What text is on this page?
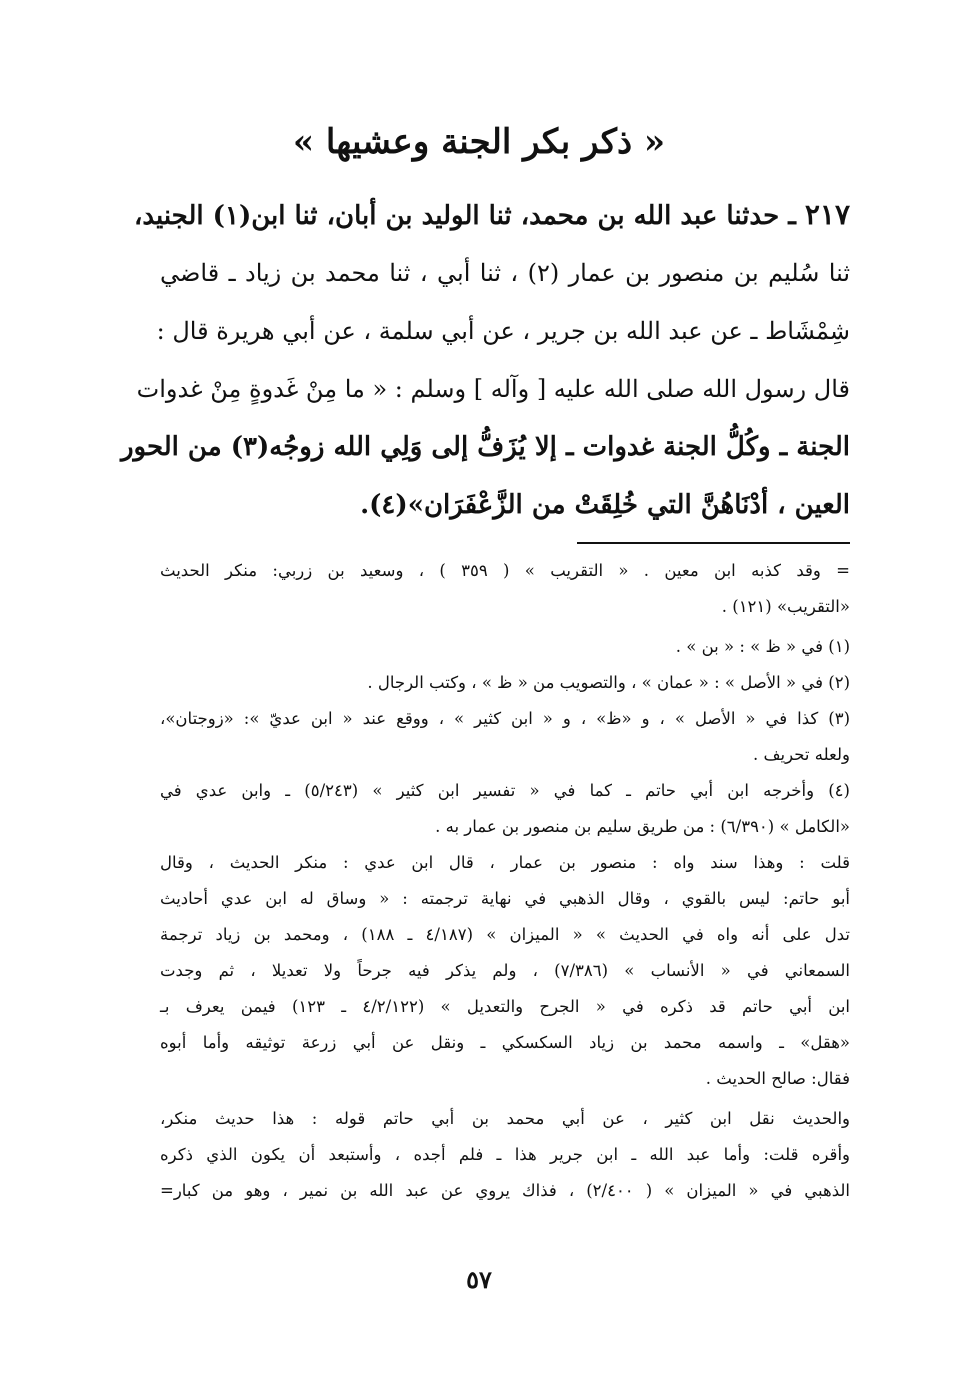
« ذكر بكر الجنة وعشيها »
٢١٧ ـ حدثنا عبد الله بن محمد، ثنا الوليد بن أبان، ثنا ابن(١) الجنيد،
ثنا سُليم بن منصور بن عمار (٢) ، ثنا أبي ، ثنا محمد بن زياد ـ قاضي
شِمْشَاط ـ عن عبد الله بن جرير ، عن أبي سلمة ، عن أبي هريرة قال :
قال رسول الله صلى الله عليه [ وآله ] وسلم : « ما مِنْ غَدوةٍ مِنْ غدوات
الجنة ـ وكُلُّ الجنة غدوات ـ إلا يُزَفُّ إلى وَلِي الله زوجُه(٣) من الحور
العين ، أدْنَاهُنَّ التي خُلِقَتْ من الزَّعْفَرَان»(٤).
= وقد كذبه ابن معين . « التقريب » ( ٣٥٩ ) ، وسعيد بن زربي: منكر الحديث
«التقريب» (١٢١) .
(١) في « ظ » : « بن » .
(٢) في « الأصل » : « عمان » ، والتصويب من « ظ » ، وكتب الرجال .
(٣) كذا في « الأصل » ، و «ظ» ، و « ابن كثير » ، ووقع عند « ابن عديّ »: «زوجتان»،
ولعله تحريف .
(٤) وأخرجه ابن أبي حاتم ـ كما في « تفسير ابن كثير » (٥/٢٤٣) ـ وابن عدي في
«الكامل » (٦/٣٩٠) : من طريق سليم بن منصور بن عمار به .
قلت : وهذا سند واه : منصور بن عمار ، قال ابن عدي : منكر الحديث ، وقال
أبو حاتم: ليس بالقوي ، وقال الذهبي في نهاية ترجمته : « وساق له ابن عدي أحاديث
تدل على أنه واه في الحديث » « الميزان » (٤/١٨٧ ـ ١٨٨) ، ومحمد بن زياد ترجمة
السمعاني في « الأنساب » (٧/٣٨٦) ، ولم يذكر فيه جرحاً ولا تعديلا ، ثم وجدت
ابن أبي حاتم قد ذكره في « الجرح والتعديل » (٤/٢/١٢٢ ـ ١٢٣) فيمن يعرف بـ
«هقل» ـ واسمه محمد بن زياد السكسكي ـ ونقل عن أبي زرعة توثيقه وأما أبوه
فقال: صالح الحديث .
والحديث نقل ابن كثير ، عن أبي محمد بن أبي حاتم قوله : هذا حديث منكر،
وأقره قلت: وأما عبد الله ـ ابن جرير هذا ـ فلم أجده ، وأستبعد أن يكون الذي ذكره
الذهبي في « الميزان » ( ٢/٤٠٠) ، فذاك يروي عن عبد الله بن نمير ، وهو من كبار=
٥٧
